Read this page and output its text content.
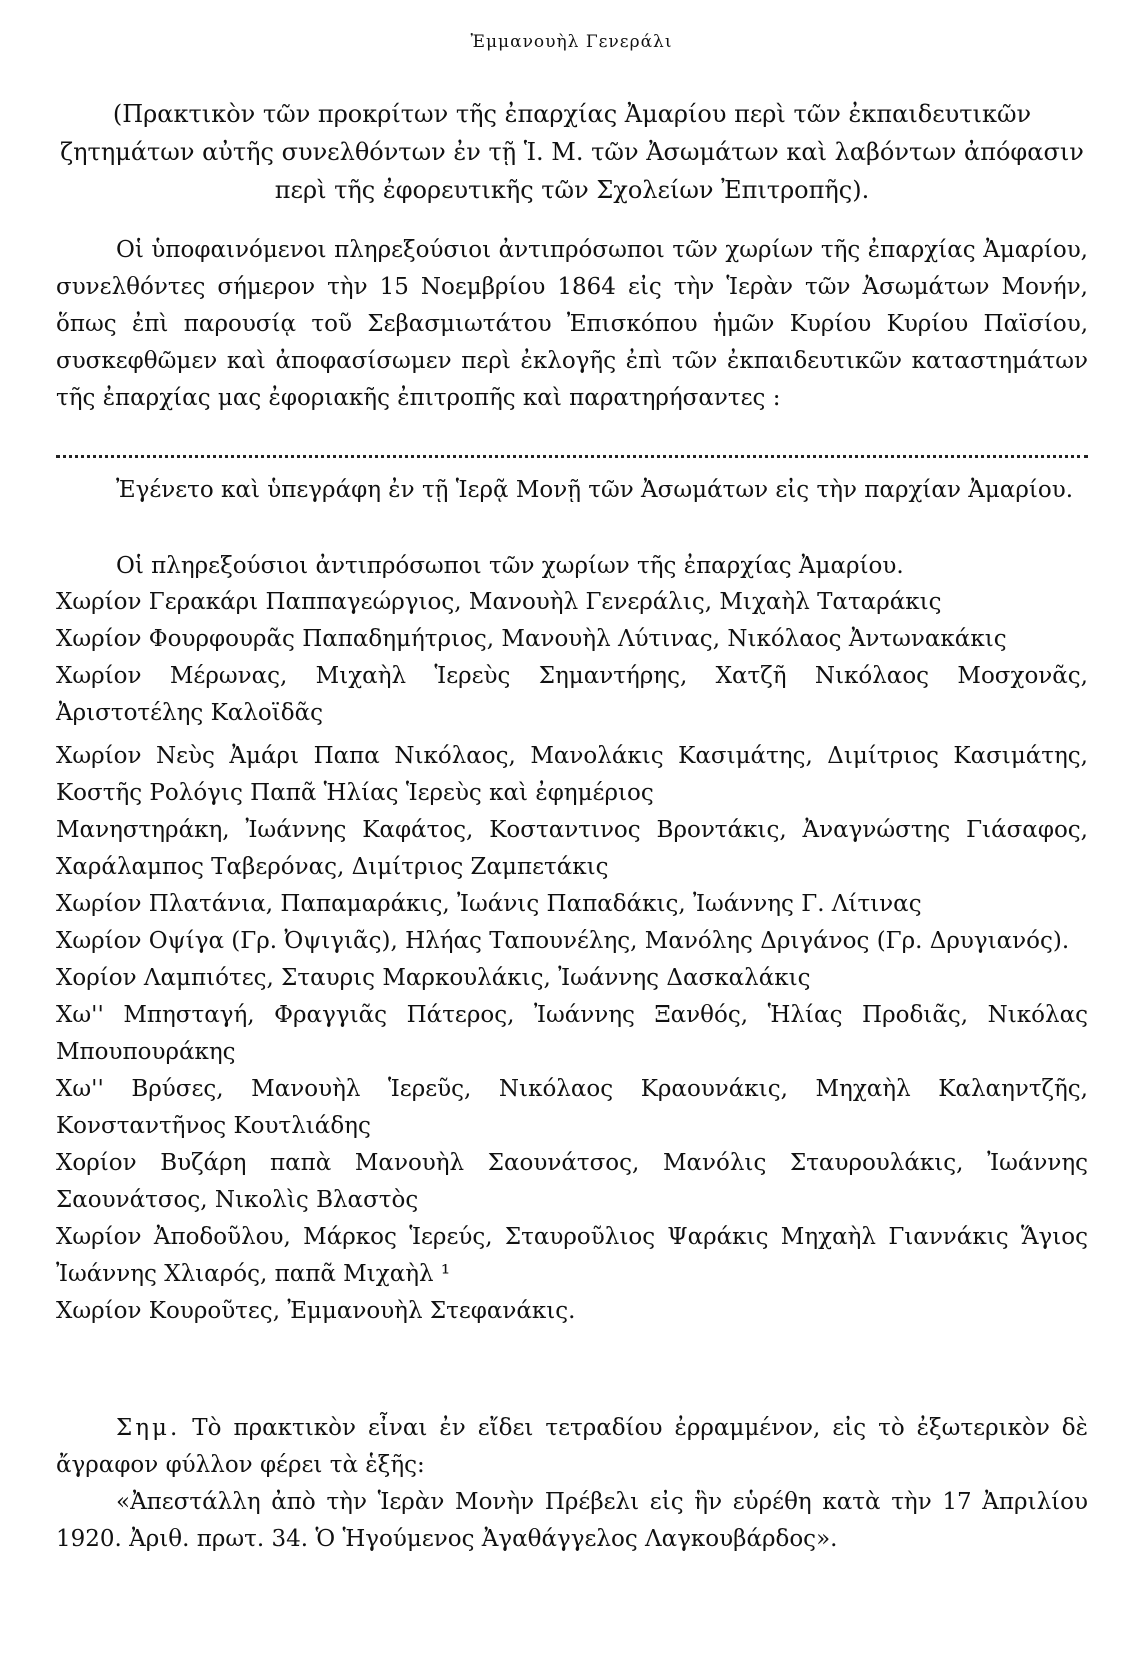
Ἐμμανουὴλ Γενεράλι
(Πρακτικὸν τῶν προκρίτων τῆς ἐπαρχίας Ἀμαρίου περὶ τῶν ἐκπαιδευτικῶν ζητημάτων αὐτῆς συνελθόντων ἐν τῇ Ἱ. Μ. τῶν Ἀσωμάτων καὶ λαβόντων ἀπόφασιν περὶ τῆς ἐφορευτικῆς τῶν Σχολείων Ἐπιτροπῆς).
Οἱ ὑποφαινόμενοι πληρεξούσιοι ἀντιπρόσωποι τῶν χωρίων τῆς ἐπαρχίας Ἀμαρίου, συνελθόντες σήμερον τὴν 15 Νοεμβρίου 1864 εἰς τὴν Ἱερὰν τῶν Ἀσωμάτων Μονήν, ὅπως ἐπὶ παρουσίᾳ τοῦ Σεβασμιωτάτου Ἐπισκόπου ἡμῶν Κυρίου Κυρίου Παϊσίου, συσκεφθῶμεν καὶ ἀποφασίσωμεν περὶ ἐκλογῆς ἐπὶ τῶν ἐκπαιδευτικῶν καταστημάτων τῆς ἐπαρχίας μας ἐφοριακῆς ἐπιτροπῆς καὶ παρατηρήσαντες :
Ἐγένετο καὶ ὑπεγράφη ἐν τῇ Ἱερᾷ Μονῇ τῶν Ἀσωμάτων εἰς τὴν παρχίαν Ἀμαρίου.
Οἱ πληρεξούσιοι ἀντιπρόσωποι τῶν χωρίων τῆς ἐπαρχίας Ἀμαρίου.
Χωρίον Γερακάρι Παππαγεώργιος, Μανουὴλ Γενεράλις, Μιχαὴλ Ταταράκις
Χωρίον Φουρφουρᾶς Παπαδημήτριος, Μανουὴλ Λύτινας, Νικόλαος Ἀντωνακάκις
Χωρίον Μέρωνας, Μιχαὴλ Ἱερεὺς Σημαντήρης, Χατζῆ Νικόλαος Μοσχονᾶς, Ἀριστοτέλης Καλοϊδᾶς
Χωρίον Νεὺς Ἀμάρι Παπα Νικόλαος, Μανολάκις Κασιμάτης, Διμίτριος Κασιμάτης, Κοστῆς Ρολόγις Παπᾶ Ἡλίας Ἱερεὺς καὶ ἐφημέριος
Μανηστηράκη, Ἰωάννης Καφάτος, Κοσταντινος Βροντάκις, Ἀναγνώστης Γιάσαφος, Χαράλαμπος Ταβερόνας, Διμίτριος Ζαμπετάκις
Χωρίον Πλατάνια, Παπαμαράκις, Ἰωάνις Παπαδάκις, Ἰωάννης Γ. Λίτινας
Χωρίον Οψίγα (Γρ. Ὀψιγιᾶς), Ηλήας Ταπουνέλης, Μανόλης Δριγάνος (Γρ. Δρυγιανός).
Χορίον Λαμπιότες, Σταυρις Μαρκουλάκις, Ἰωάννης Δασκαλάκις
Χω'' Μπησταγή, Φραγγιᾶς Πάτερος, Ἰωάννης Ξανθός, Ἡλίας Προδιᾶς, Νικόλας Μπουπουράκης
Χω'' Βρύσες, Μανουὴλ Ἱερεῦς, Νικόλαος Κραουνάκις, Μηχαὴλ Καλαηντζῆς, Κονσταντῆνος Κουτλιάδης
Χορίον Βυζάρη παπὰ Μανουὴλ Σαουνάτσος, Μανόλις Σταυρουλάκις, Ἰωάννης Σαουνάτσος, Νικολὶς Βλαστὸς
Χωρίον Ἀποδοῦλου, Μάρκος Ἱερεύς, Σταυροῦλιος Ψαράκις Μηχαὴλ Γιαννάκις Ἅγιος Ἰωάννης Χλιαρός, παπᾶ Μιχαὴλ ¹
Χωρίον Κουροῦτες, Ἐμμανουὴλ Στεφανάκις.
Σημ. Τὸ πρακτικὸν εἶναι ἐν εἴδει τετραδίου ἐρραμμένον, εἰς τὸ ἐξωτερικὸν δὲ ἄγραφον φύλλον φέρει τὰ ἑξῆς:
«Ἀπεστάλλη ἀπὸ τὴν Ἱερὰν Μονὴν Πρέβελι εἰς ἣν εὑρέθη κατὰ τὴν 17 Ἀπριλίου 1920. Ἀριθ. πρωτ. 34. Ὁ Ἡγούμενος Ἀγαθάγγελος Λαγκουβάρδος».
